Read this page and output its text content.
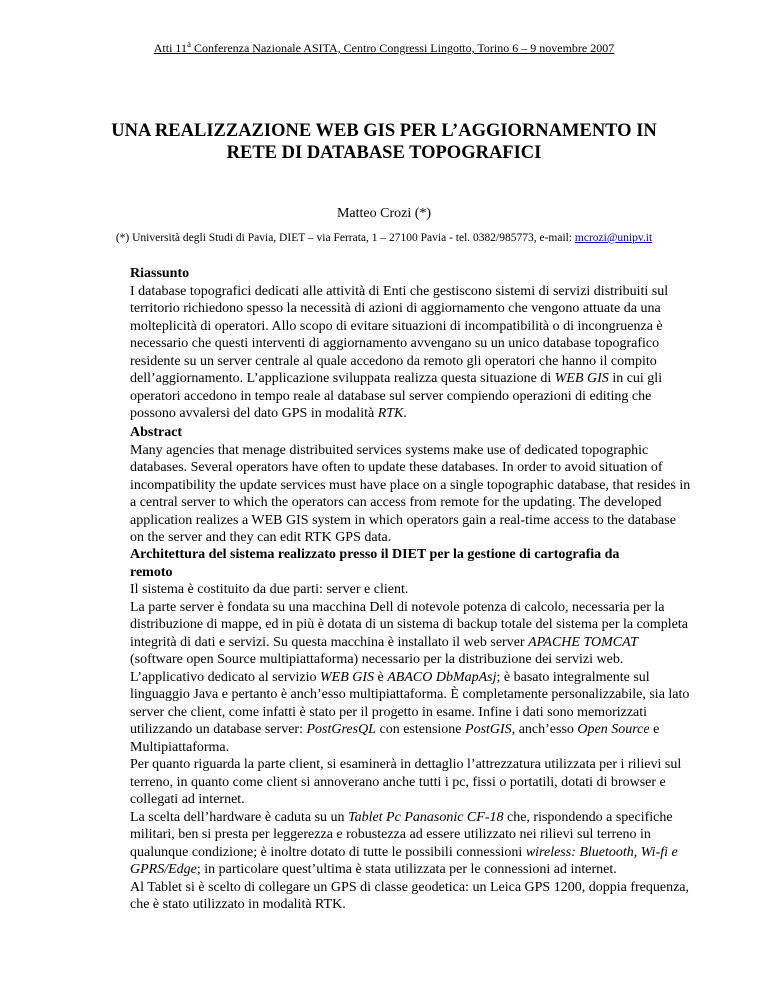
Atti 11$^a$ Conferenza Nazionale ASITA, Centro Congressi Lingotto, Torino 6 – 9 novembre 2007
UNA REALIZZAZIONE WEB GIS PER L’AGGIORNAMENTO IN
RETE DI DATABASE TOPOGRAFICI
Matteo Crozi (*)
(*) Università degli Studi di Pavia, DIET – via Ferrata, 1 – 27100 Pavia - tel. 0382/985773, e-mail: mcrozi@unipv.it
Riassunto

I database topografici dedicati alle attività di Enti che gestiscono sistemi di servizi distribuiti sul

territorio richiedono spesso la necessità di azioni di aggiornamento che vengono attuate da una

molteplicità di operatori. Allo scopo di evitare situazioni di incompatibilità o di incongruenza è

necessario che questi interventi di aggiornamento avvengano su un unico database topografico

residente su un server centrale al quale accedono da remoto gli operatori che hanno il compito

dell’aggiornamento. L’applicazione sviluppata realizza questa situazione di WEB GIS in cui gli

operatori accedono in tempo reale al database sul server compiendo operazioni di editing che

possono avvalersi del dato GPS in modalità RTK.

Abstract

Many agencies that menage distribuited services systems make use of dedicated topographic

databases. Several operators have often to update these databases. In order to avoid situation of

incompatibility the update services must have place on a single topographic database, that resides in

a central server to which the operators can access from remote for the updating. The developed

application realizes a WEB GIS system in which operators gain a real-time access to the database

on the server and they can edit RTK GPS data.

Architettura del sistema realizzato presso il DIET per la gestione di cartografia da remoto

Il sistema è costituito da due parti: server e client.

La parte server è fondata su una macchina Dell di notevole potenza di calcolo, necessaria per la

distribuzione di mappe, ed in più è dotata di un sistema di backup totale del sistema per la completa

integrità di dati e servizi. Su questa macchina è installato il web server APACHE TOMCAT

(software open Source multipiattaforma) necessario per la distribuzione dei servizi web.

L’applicativo dedicato al servizio WEB GIS è ABACO DbMapAsj; è basato integralmente sul

linguaggio Java e pertanto è anch’esso multipiattaforma. È completamente personalizzabile, sia lato

server che client, come infatti è stato per il progetto in esame. Infine i dati sono memorizzati

utilizzando un database server: PostGresQL con estensione PostGIS, anch’esso Open Source e

Multipiattaforma.

Per quanto riguarda la parte client, si esaminerà in dettaglio l’attrezzatura utilizzata per i rilievi sul

terreno, in quanto come client si annoverano anche tutti i pc, fissi o portatili, dotati di browser e

collegati ad internet.

La scelta dell’hardware è caduta su un Tablet Pc Panasonic CF-18 che, rispondendo a specifiche

militari, ben si presta per leggerezza e robustezza ad essere utilizzato nei rilievi sul terreno in

qualunque condizione; è inoltre dotato di tutte le possibili connessioni wireless: Bluetooth, Wi-fi e

GPRS/Edge; in particolare quest’ultima è stata utilizzata per le connessioni ad internet.

Al Tablet si è scelto di collegare un GPS di classe geodetica: un Leica GPS 1200, doppia frequenza,

che è stato utilizzato in modalità RTK.
